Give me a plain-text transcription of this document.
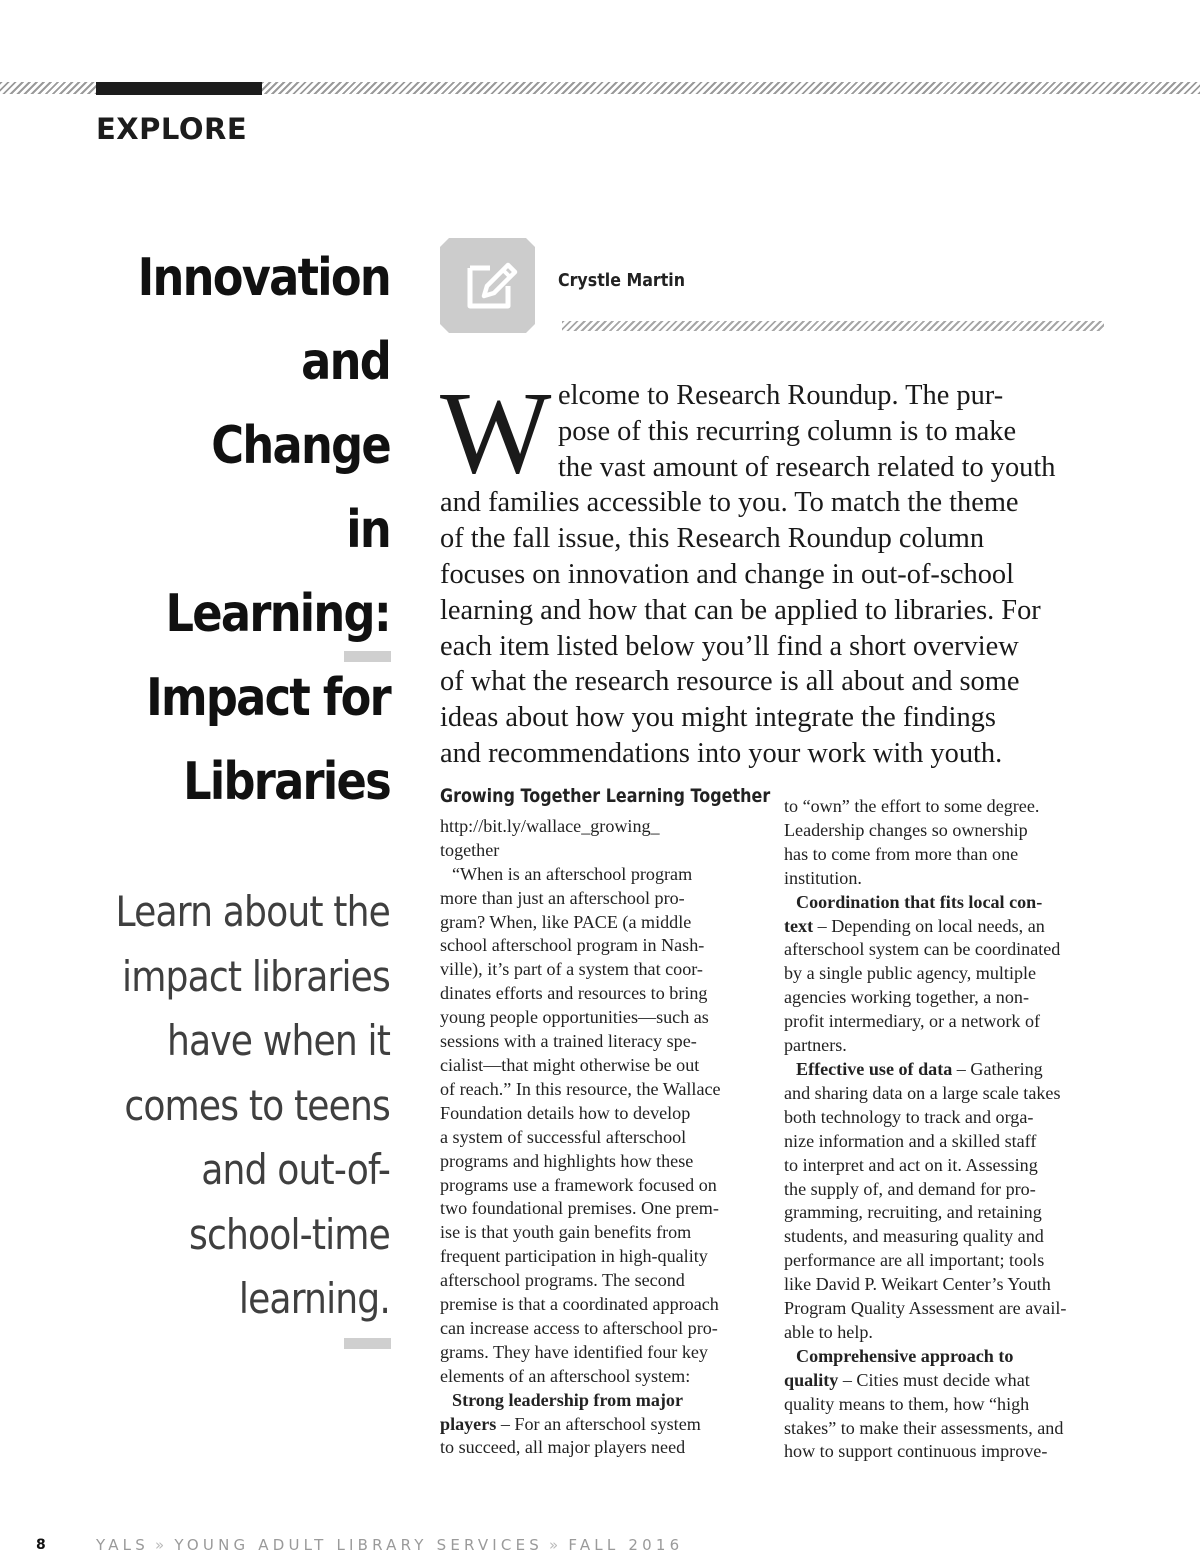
EXPLORE
Innovation
and Change
in Learning:
Impact for
Libraries
Learn about the
impact libraries
have when it
comes to teens
and out-of-
school-time
learning.
Crystle Martin
W elcome to Research Roundup. The pur-
pose of this recurring column is to make
the vast amount of research related to youth
and families accessible to you. To match the theme
of the fall issue, this Research Roundup column
focuses on innovation and change in out-of-school
learning and how that can be applied to libraries. For
each item listed below you’ll find a short overview
of what the research resource is all about and some
ideas about how you might integrate the findings
and recommendations into your work with youth.
Growing Together Learning Together
http://bit.ly/wallace_growing_
together
“When is an afterschool program
more than just an afterschool pro-
gram? When, like PACE (a middle
school afterschool program in Nash-
ville), it’s part of a system that coor-
dinates efforts and resources to bring
young people opportunities—such as
sessions with a trained literacy spe-
cialist—that might otherwise be out
of reach.” In this resource, the Wallace
Foundation details how to develop
a system of successful afterschool
programs and highlights how these
programs use a framework focused on
two foundational premises. One prem-
ise is that youth gain benefits from
frequent participation in high-quality
afterschool programs. The second
premise is that a coordinated approach
can increase access to afterschool pro-
grams. They have identified four key
elements of an afterschool system:
Strong leadership from major
players – For an afterschool system
to succeed, all major players need
to “own” the effort to some degree.
Leadership changes so ownership
has to come from more than one
institution.
Coordination that fits local con-
text – Depending on local needs, an
afterschool system can be coordinated
by a single public agency, multiple
agencies working together, a non-
profit intermediary, or a network of
partners.
Effective use of data – Gathering
and sharing data on a large scale takes
both technology to track and orga-
nize information and a skilled staff
to interpret and act on it. Assessing
the supply of, and demand for pro-
gramming, recruiting, and retaining
students, and measuring quality and
performance are all important; tools
like David P. Weikart Center’s Youth
Program Quality Assessment are avail-
able to help.
Comprehensive approach to
quality – Cities must decide what
quality means to them, how “high
stakes” to make their assessments, and
how to support continuous improve-
8	YALS » YOUNG ADULT LIBRARY SERVICES » FALL 2016
